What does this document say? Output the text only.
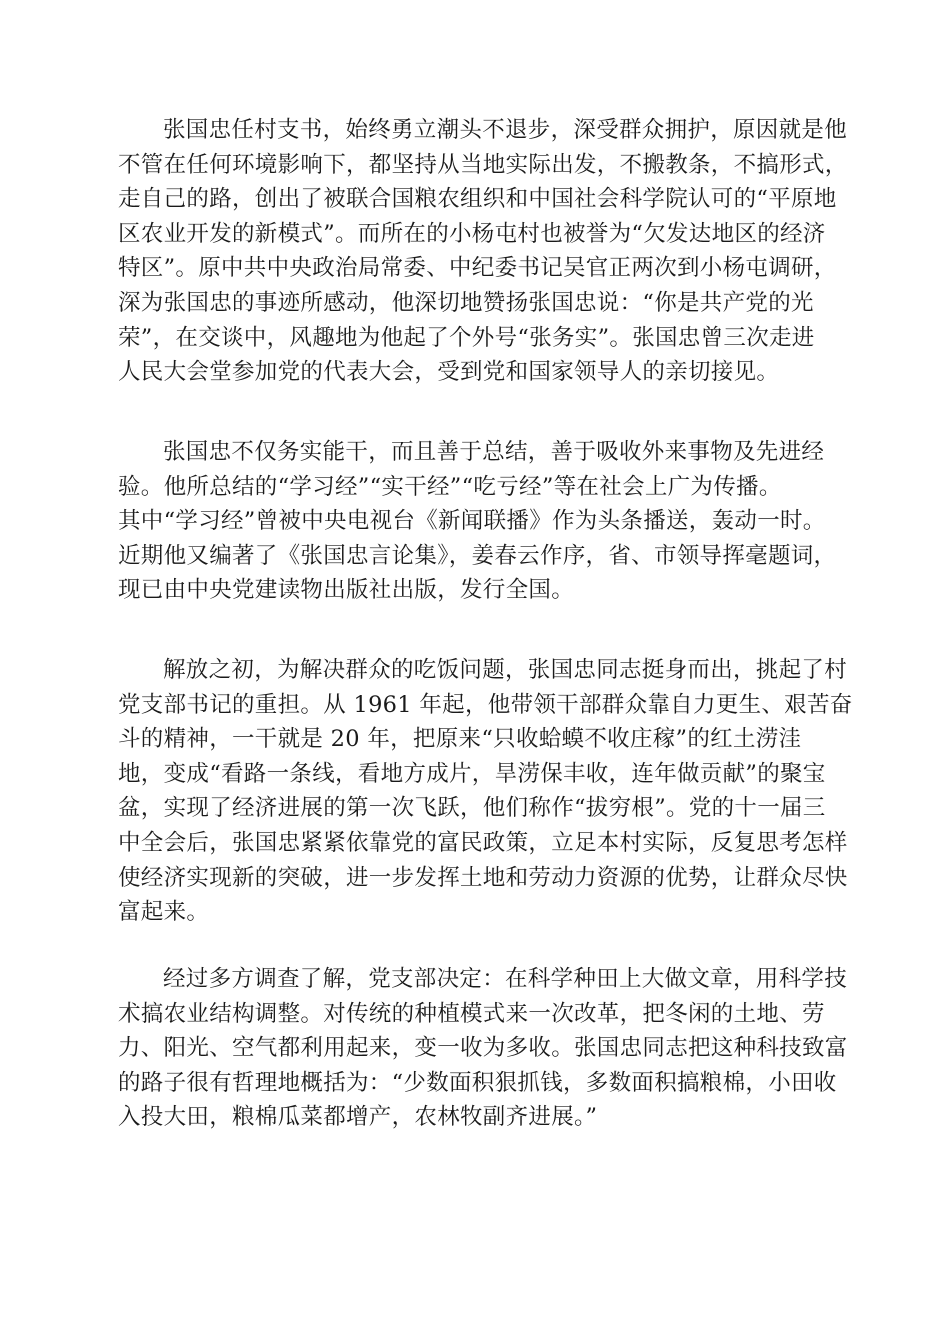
张国忠任村支书，始终勇立潮头不退步，深受群众拥护，原因就是他
不管在任何环境影响下，都坚持从当地实际出发，不搬教条，不搞形式，
走自己的路，创出了被联合国粮农组织和中国社会科学院认可的“平原地
区农业开发的新模式”。而所在的小杨屯村也被誉为“欠发达地区的经济
特区”。原中共中央政治局常委、中纪委书记吴官正两次到小杨屯调研，
深为张国忠的事迹所感动，他深切地赞扬张国忠说：“你是共产党的光
荣”，在交谈中，风趣地为他起了个外号“张务实”。张国忠曾三次走进
人民大会堂参加党的代表大会，受到党和国家领导人的亲切接见。
张国忠不仅务实能干，而且善于总结，善于吸收外来事物及先进经
验。他所总结的“学习经”“实干经”“吃亏经”等在社会上广为传播。
其中“学习经”曾被中央电视台《新闻联播》作为头条播送，轰动一时。
近期他又编著了《张国忠言论集》，姜春云作序，省、市领导挥毫题词，
现已由中央党建读物出版社出版，发行全国。
解放之初，为解决群众的吃饭问题，张国忠同志挺身而出，挑起了村
党支部书记的重担。从 1961 年起，他带领干部群众靠自力更生、艰苦奋
斗的精神，一干就是 20 年，把原来“只收蛤蟆不收庄稼”的红土涝洼
地，变成“看路一条线，看地方成片，旱涝保丰收，连年做贡献”的聚宝
盆，实现了经济进展的第一次飞跃，他们称作“拔穷根”。党的十一届三
中全会后，张国忠紧紧依靠党的富民政策，立足本村实际，反复思考怎样
使经济实现新的突破，进一步发挥土地和劳动力资源的优势，让群众尽快
富起来。
经过多方调查了解，党支部决定：在科学种田上大做文章，用科学技
术搞农业结构调整。对传统的种植模式来一次改革，把冬闲的土地、劳
力、阳光、空气都利用起来，变一收为多收。张国忠同志把这种科技致富
的路子很有哲理地概括为：“少数面积狠抓钱，多数面积搞粮棉，小田收
入投大田，粮棉瓜菜都增产，农林牧副齐进展。”
